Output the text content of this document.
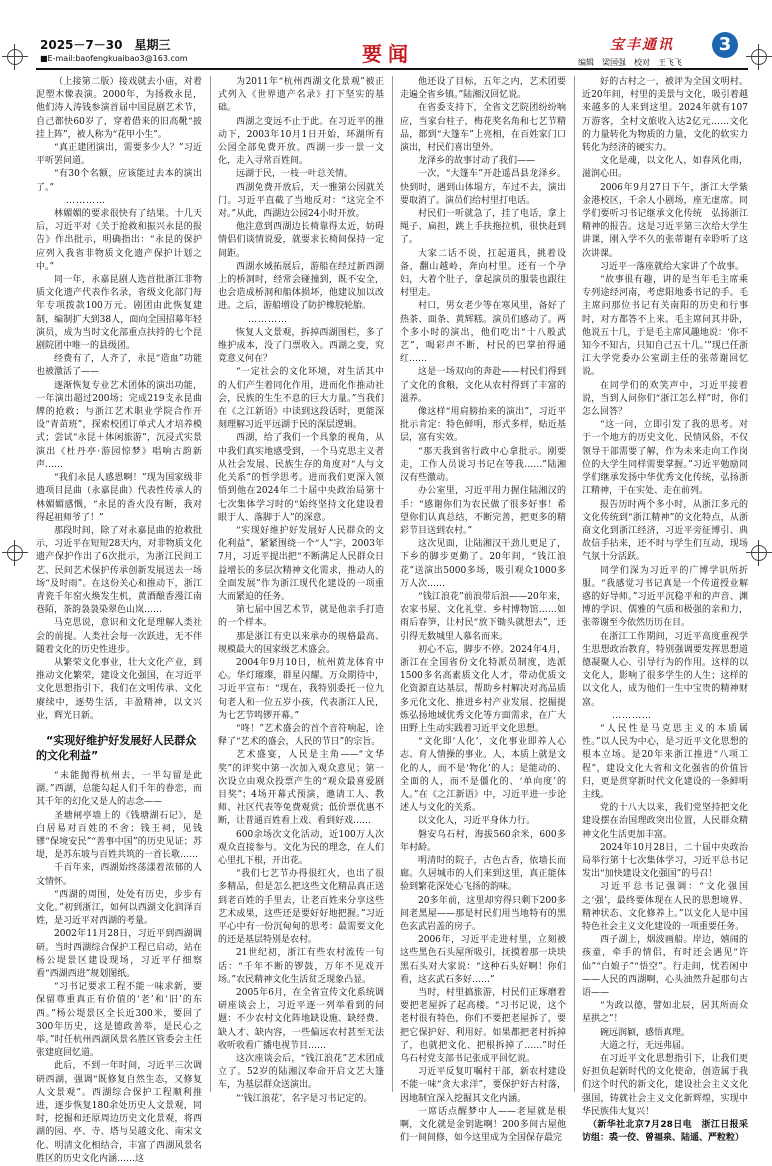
2025－7－30　星期三
■E-mail:baofengkuaibao3@163.com	要闻	宝丰通讯	3
编辑　梁国强　校对　王飞飞

（上接第二版）接戏就去小庙，对着泥塑木像表演。2000年，为扬救永昆，他们涛人涛钱参演首届中国昆剧艺术节，自己都快60岁了，穿着借来的旧高靴“披挂上阵”，被人称为“花甲小生”。

“真正建团演出，需要多少人？”习近平听罢问道。

“有30个名额，应该能过去本的演出了。”

…………

林媚媚的要求很快有了结果。十几天后，习近平对《关于抢救和振兴永昆的报告》作出批示，明确指出：“永昆的保护应列入我省非物质文化遗产保护计划之中。”

同一年，永嘉昆剧人选首批浙江非物质文化遗产代表作名录，省级文化部门每年专项拨款100万元。剧团由此恢复建制，编制扩大到38人，面向全国招募年轻演员，成为当时文化部重点扶持的七个昆剧院团中唯一的县级团。

经费有了，人齐了，永昆“造血”功能也被激活了——

逐渐恢复专业艺术团体的演出功能，一年演出超过200场；完成219支永昆曲牌的抢救；与浙江艺术职业学院合作开设“青苗班”，探索校团订单式人才培养模式；尝试“永昆＋体闲旅游”，沉浸式实景演出《杜丹亭·游园惊梦》唱响古韵新声……

“我们永昆人感恩啊！”现为国家级非遗项目昆曲（永嘉昆曲）代表性传承人的林媚媚感慨，“永昆的香火没有断，我对得起祖师爷了！”

那段时间，除了对永嘉昆曲的抢救批示，习近平在短短28天内，对非物质文化遗产保护作出了6次批示，为浙江民间工艺、民间艺术保护传承创新发展送去一场场“及时雨”。在这份关心和推动下，浙江青瓷千年窑火焕发生机，黄酒酿香漫江南巷陌，茶韵袅袅染翠色山岚……

马克思说，意识和文化是理解人类社会的前提。人类社会每一次跃进，无不伴随着文化的历史性进步。

从繁荣文化事业，壮大文化产业，到推动文化繁荣，建设文化强国，在习近平文化思想指引下，我们在文明传承、文化赓续中，逐势生活，丰盈精神，以文兴业，辉光日新。

“实现好维护好发展好人民群众的文化利益”

“未能抛得杭州去，一半勾留是此湖。”西湖，总能勾起人们千年的眷恋，而其千年的幻化又是人的志念——

圣塘闸亭墙上的《钱塘湖石记》，是白居易对百姓的不舍；钱王祠，见钱镠“保境安民”“善事中国”的历史见证；苏堤，是苏东坡与百姓共筑的一首长歌……

千百年来，西湖始终荡漾着浓郁的人文情怀。

“西湖的周围，处处有历史，步步有文化。”初到浙江，如何以西湖文化润泽百姓，是习近平对西湖的考量。

2002年11月28日，习近平到西湖调研。当时西湖综合保护工程已启动，站在杨公堤景区建设现场，习近平仔细察看“西湖西进”规划图纸。

“习书记要求工程不能一味求新，要保留尊重真正有价值的‘老’和‘旧’的东西。”杨公堤景区全长近300米，要回了300年历史，这是德政善举，是民心之举。”时任杭州西湖风景名胜区管委会主任张建庭回忆道。

此后，不到一年时间，习近平三次调研西湖，强调“既修复自然生态，又修复人文景观”。西湖综合保护工程顺利推进，逐步恢复180余处历史人文景观，同时，挖掘和还原周边历史文化景观，将西湖的园、亭、寺、塔与吴越文化、南宋文化、明清文化相结合，丰富了西湖风景名胜区的历史文化内涵……这

为2011年“杭州西湖文化景观”被正式列入《世界遗产名录》打下坚实的基础。

西湖之变远不止于此。在习近平的推动下，2003年10月1日开始，环湖所有公园全部免费开放。西湖一步一景一文化，走入寻常百姓间。

远湖于民，一枝一叶总关情。

西湖免费开放后，天一雅第公园就关门。习近平直截了当地反对：“这完全不对。”从此，西湖边公园24小时开放。

他注意到西湖边长椅靠得太近，妨碍情侣们谈情说爱，就要求长椅间保持一定间距。

西湖水域拓展后，游船在经过新西湖上的桥洞时，经常会碰撞到，既不安全，也会造成桥洞和船体损坏，他建议加以改进。之后，游船增设了防护橡胶轮胎。

…………

恢复人文景观，拆掉西湖围栏，多了维护成本，没了门票收入。西湖之变，究竟意义何在？

“一定社会的文化环境，对生活其中的人们产生着同化作用，进而化作推动社会，民族的生生不息的巨大力量。”当我们在《之江新语》中读到这段话时，更能深刻理解习近平远湖于民的深层逻辑。

西湖，给了我们一个具象的视角，从中我们真实地感受到，一个马克思主义者从社会发展、民族生存的角度对“人与文化关系”的哲学思考。进而我们更深入领悟到他在2024年二十届中央政治局第十七次集体学习时的“始终坚持文化建设着眼于人、落脚于人”的深意。

“实现好维护好发展好人民群众的文化利益”，紧紧围绕一个“人”字，2003年7月，习近平提出把“不断满足人民群众日益增长的多层次精神文化需求，推动人的全面发展”作为浙江现代化建设的一项重大而紧迫的任务。

第七届中国艺术节，就是他亲手打造的一个样本。

那是浙江有史以来承办的规格最高、规模最大的国家级艺术盛会。

2004年9月10日，杭州黄龙体育中心。华灯璀璨，群星闪耀。万众期待中，习近平宣布：“现在，我特别委托一位九旬老人和一位五岁小孩，代表浙江人民，为七艺节鸣锣开幕。”

“咚！”艺术盛会的首个音符响起，诠释了“艺术的盛会，人民的节日”的宗旨。

艺术盛宴，人民是主角——“文华奖”的评奖中第一次加入观众意见；第一次设立由观众投票产生的“观众最喜爱剧目奖”；4场开幕式预演，邀请工人、教师、社区代表等免费观赏；低价票优惠不断，让普通百姓看上戏、看到好戏……

600余场次文化活动，近100万人次观众直接参与。文化为民的理念，在人们心里扎下根，开出花。

“我们七艺节办得很红火，也出了很多精品，但是怎么把这些文化精品真正送到老百姓的手里去，让老百姓来分享这些艺术成果，这些还是要好好地把握。”习近平心中有一份沉甸甸的思考：最需要文化的还是基层特别是农村。

21世纪初，浙江有些农村流传一句话：“千年不断的锣鼓，万年不见戏开场。”农民精神文化生活贫乏现象凸显。

2005年6月，在全省宣传文化系统调研座谈会上，习近平逐一列举看到的问题：不少农村文化阵地缺设施、缺经费、缺人才、缺内容，一些偏远农村甚至无法收听收看广播电视节目……

这次座谈会后，“钱江浪花”艺术团成立了。52岁的陆湘汉奉命开启文艺大篷车，为基层群众送演出。

“‘钱江浪花’，名字是习书记定的。

他还设了目标，五年之内，艺术团要走遍全省乡镇。”陆湘汉回忆说。

在省委支持下，全省文艺院团纷纷响应，当家台柱子，梅花奖名角和七艺节精品，都到“大篷车”上亮相，在百姓家门口演出，村民们喜出望外。

龙泽乡的故事讨动了我们——

一次，“大篷车”开赴遥昌县龙泽乡。快到时，遇到山体塌方，车过不去，演出要取消了。演员们给村里打电话。

村民们一听就急了，挂了电话，拿上绳子、扁担，跳上手扶拖拉机，很快赶到了。

大家二话不说，扛起道具，挑着设备，翻山越岭，奔向村里。还有一个孕妇，大着个肚子，拿起演员的服装也跟往村里走。

村口，男女老少等在寒风里，备好了热茶、面条、黄辉糕。演员们感动了。两个多小时的演出，他们吃出“十八般武艺”，喝彩声不断，村民的巴掌拍得通红……

这是一场双向的奔赴——村民们得到了文化的食粮，文化从农村得到了丰富的滋养。

像这样“用肩膀抬来的演出”，习近平批示肯定：特色鲜明，形式多样，贴近基层，富有实效。

“那天我到省行政中心拿批示。刚要走，工作人员说习书记在等我……”陆湘汉有些激动。

办公室里，习近平用力握住陆湘汉的手：“感谢你们为农民做了很多好事！希望你们认真总结，不断完善，把更多的精彩节目送到农村。”

这次见面，让陆湘汉干劲儿更足了，下乡的脚步更勤了。20年间，“钱江浪花”送演出5000多场，吸引观众1000多万人次……

“钱江浪花”前浪带后浪——20年来，农家书屋、文化礼堂、乡村博物馆……如雨后春笋，让村民“放下锄头就想去”，还引得无数城里人慕名而来。

初心不忘，脚步不停。2024年4月，浙江在全国省份文化特派员制度，选派1500多名高素质文化人才，带动优质文化资源直达基层，帮助乡村解决对高品质多元化文化、推进乡村产业发展、挖掘提炼弘扬地域优秀文化等方面需求，在广大田野上生动实践着习近平文化思想。

“文化即‘人化’，文化事业即养人心志、育人情操的事业。人，本质上就是文化的人，而不是‘物化’的人；是能动的、全面的人，而不是僵化的、‘单向度’的人。”在《之江新语》中，习近平进一步论述人与文化的关系。

以文化人，习近平身体力行。

磐安乌石村，海拔560余米，600多年村龄。

明清时的院子，古色古香，依墙长而廊。久居城市的人们来到这里，真正能体验到繁花深处心飞扬的韵味。

20多年前，这里却穷得只剩下200多间老黑屋——那是村民们用当地特有的黑色玄武岩盖的房子。

2006年，习近平走进村里，立刻被这些黑色石头屋所吸引，抚摸着那一块块黑石头对大家说：“这种石头好啊！你们看，这玄武石多好……”

当时，村里搞旅游，村民们正琢磨着要把老屋拆了起高楼。“习书记说，这个老村很有特色，你们不要把老屋拆了，要把它保护好、利用好。如果都把老村拆掉了，也就把文化、把根拆掉了……”时任乌石村党支部书记张成平回忆说。

习近平反复叮嘱村干部，新农村建设不能一味“贪大求洋”，要保护好古村落，因地制宜深入挖掘其文化内涵。

一席话点醒梦中人——老屋就是根啊，文化就是金钥匙啊！200多间古屋他们一间间修，如今这里成为全国保存最完

好的古村之一，被评为全国文明村。近20年间，村里的美景与文化，吸引着越来越多的人来到这里。2024年就有107万游客，全村文旅收入达2亿元……文化的力量转化为物质的力量，文化的软实力转化为经济的硬实力。

文化是魂，以文化人，如春风化雨，滋润心田。

2006年9月27日下午，浙江大学紫金港校区，千余人小剧场，座无虚席。同学们要听习书记继承文化传统　弘扬浙江精神的报告。这是习近平第三次给大学生讲课，刚入学不久的张蒂谢有幸聆听了这次讲课。

习近平一落座就给大家讲了个故事。

“故事很有趣，讲的是当年毛主席乘专列途经河南，考虑阳地委书记的手。毛主席问那位书记有关南阳的历史和行事时，对方都答不上来。毛主席问其井卧，他说五十几，于是毛主席风趣地说：‘你不知今不知古，只知自己五十几。’”现已任浙江大学党委办公室副主任的张蒂谢回忆说。

在同学们的欢笑声中，习近平接着说，当到人问你们“浙江怎么样”时，你们怎么回答？

“这一问，立即引发了我的思考。对于一个地方的历史文化、民情风俗，不仅领导干部需要了解，作为未来走向工作岗位的大学生同样需要掌握。”习近平勉励同学们继承发扬中华优秀文化传统，弘扬浙江精神，干在实处、走在前列。

报告历时两个多小时，从浙江多元的文化传统到“浙江精神”的文化特点，从浙商文化到浙江经济，习近平旁征博引、典故信手拈来，还不时与学生们互动，现场气氛十分活跃。

同学们深为习近平的广博学识所折服。“我感觉习书记真是一个传道授业解惑的好导师。”习近平沉稳平和的声音、渊博的学识、儒雅的气质和极强的亲和力，张蒂谢至今依然历历在目。

在浙江工作期间，习近平高度重视学生思想政治教育，特别强调要发挥思想道德凝聚人心、引导行为的作用。这样的以文化人，影响了很多学生的人生；这样的以文化人，成为他们一生中宝贵的精神财富。

…………

“人民性是马克思主义的本质属性。”以人民为中心，是习近平文化思想的根本立场。是20年来浙江推进“八项工程”，建设文化大省和文化强省的价值旨归，更是贯穿新时代文化建设的一条鲜明主线。

党的十八大以来，我们党坚持把文化建设摆在治国理政突出位置，人民群众精神文化生活更加丰富。

2024年10月28日，二十届中央政治局举行第十七次集体学习，习近平总书记发出“加快建设文化强国”的号召！

习近平总书记强调：“文化强国之‘强’，最终要体现在人民的思想境界、精神状态、文化修养上。”以文化人是中国特色社会主义文化建设的一项重要任务。

西子湖上，烟波画船。岸边，嬉闹的孩童，牵手的情侣，有时还会遇见“许仙”“白娘子”“悟空”。行走间，忧若闲中——人民的西湖啊，心头油然升起那句古语——

“为政以德，譬如北辰，居其所而众星拱之”！

碗远润颖，感悟真理。

大道之行，无远弗届。

在习近平文化思想指引下，让我们更好担负起新时代的文化使命，创造属于我们这个时代的新文化，建设社会主义文化强国，铸就社会主义文化新辉煌，实现中华民族伟大复兴！

（新华社北京7月28日电　浙江日报采访组：裘一佼、曾福泉、陆遥、严粒粒）
